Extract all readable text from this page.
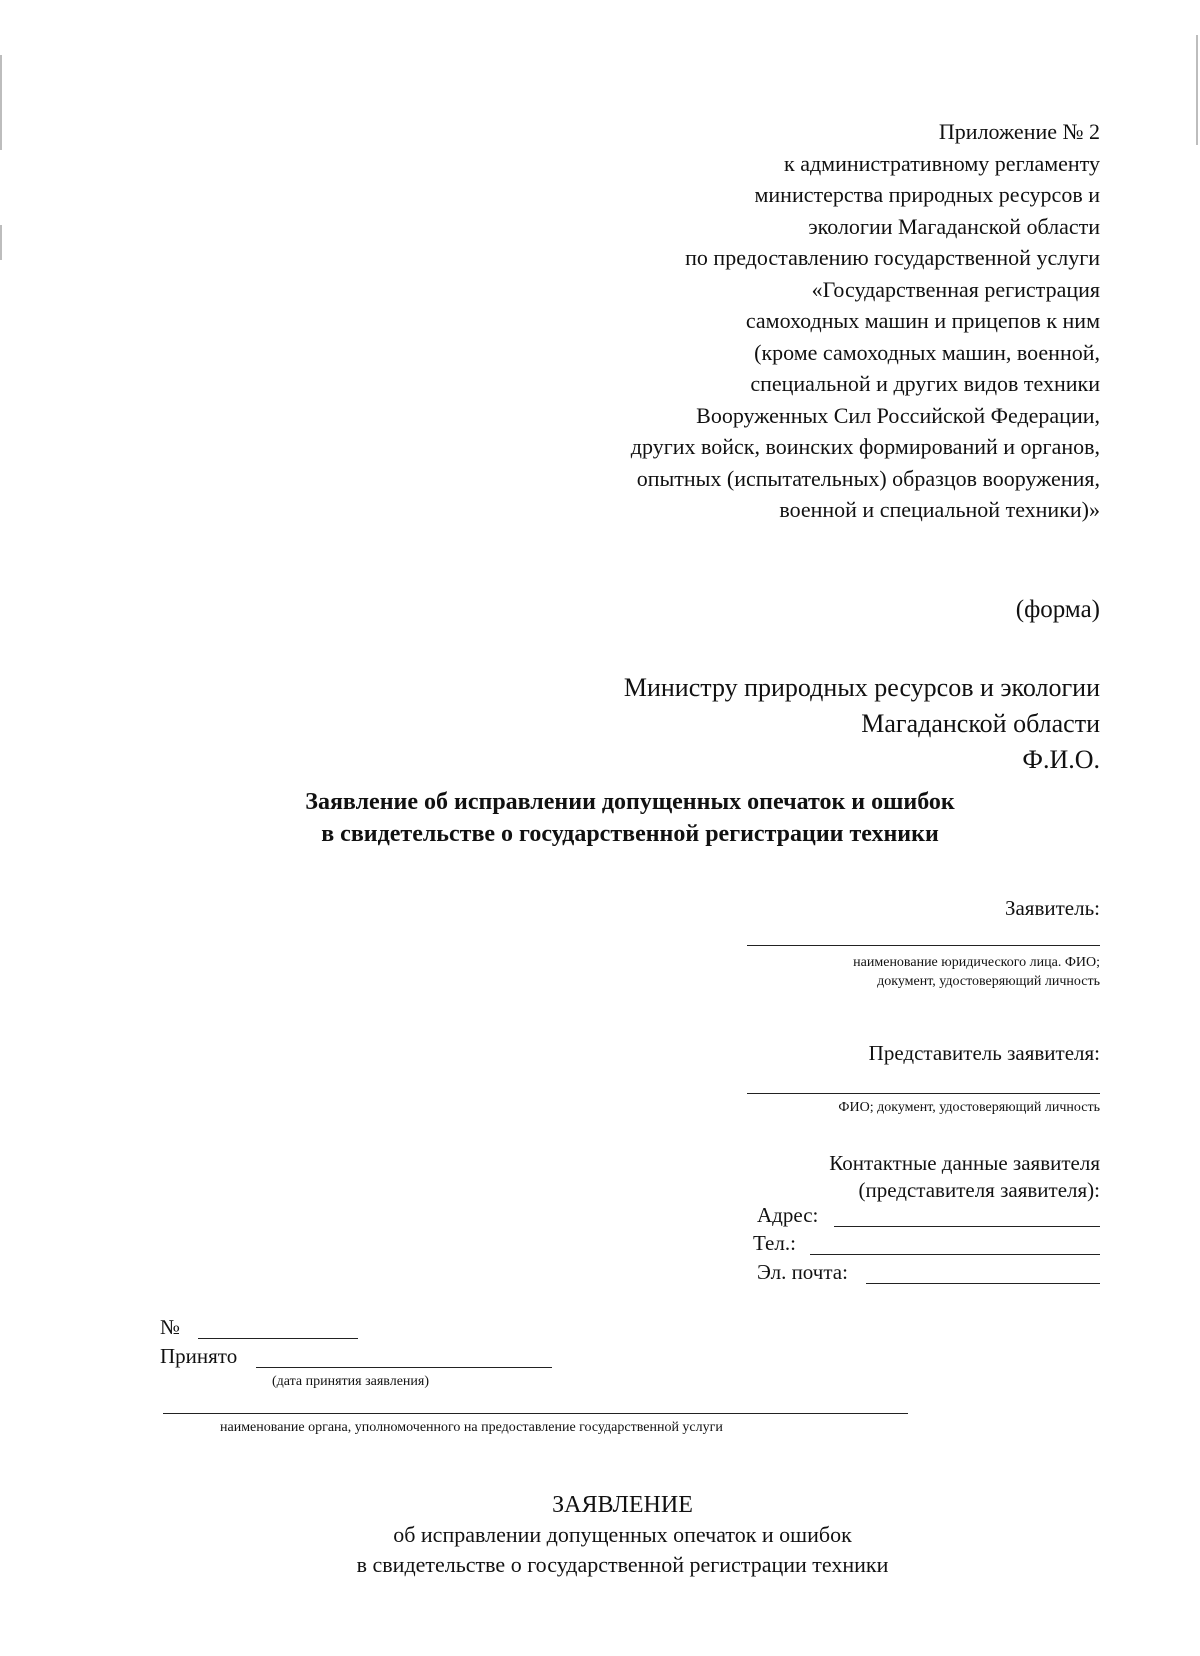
Приложение № 2
к административному регламенту
министерства природных ресурсов и
экологии Магаданской области
по предоставлению государственной услуги
«Государственная регистрация
самоходных машин и прицепов к ним
(кроме самоходных машин, военной,
специальной и других видов техники
Вооруженных Сил Российской Федерации,
других войск, воинских формирований и органов,
опытных (испытательных) образцов вооружения,
военной и специальной техники)»
(форма)
Министру природных ресурсов и экологии
Магаданской области
Ф.И.О.
Заявление об исправлении допущенных опечаток и ошибок
в свидетельстве о государственной регистрации техники
Заявитель:
наименование юридического лица. ФИО;
документ, удостоверяющий личность
Представитель заявителя:
ФИО; документ, удостоверяющий личность
Контактные данные заявителя
(представителя заявителя):
Адрес:
Тел.:
Эл. почта:
№
Принято
(дата принятия заявления)
наименование органа, уполномоченного на предоставление государственной услуги
ЗАЯВЛЕНИЕ
об исправлении допущенных опечаток и ошибок
в свидетельстве о государственной регистрации техники
